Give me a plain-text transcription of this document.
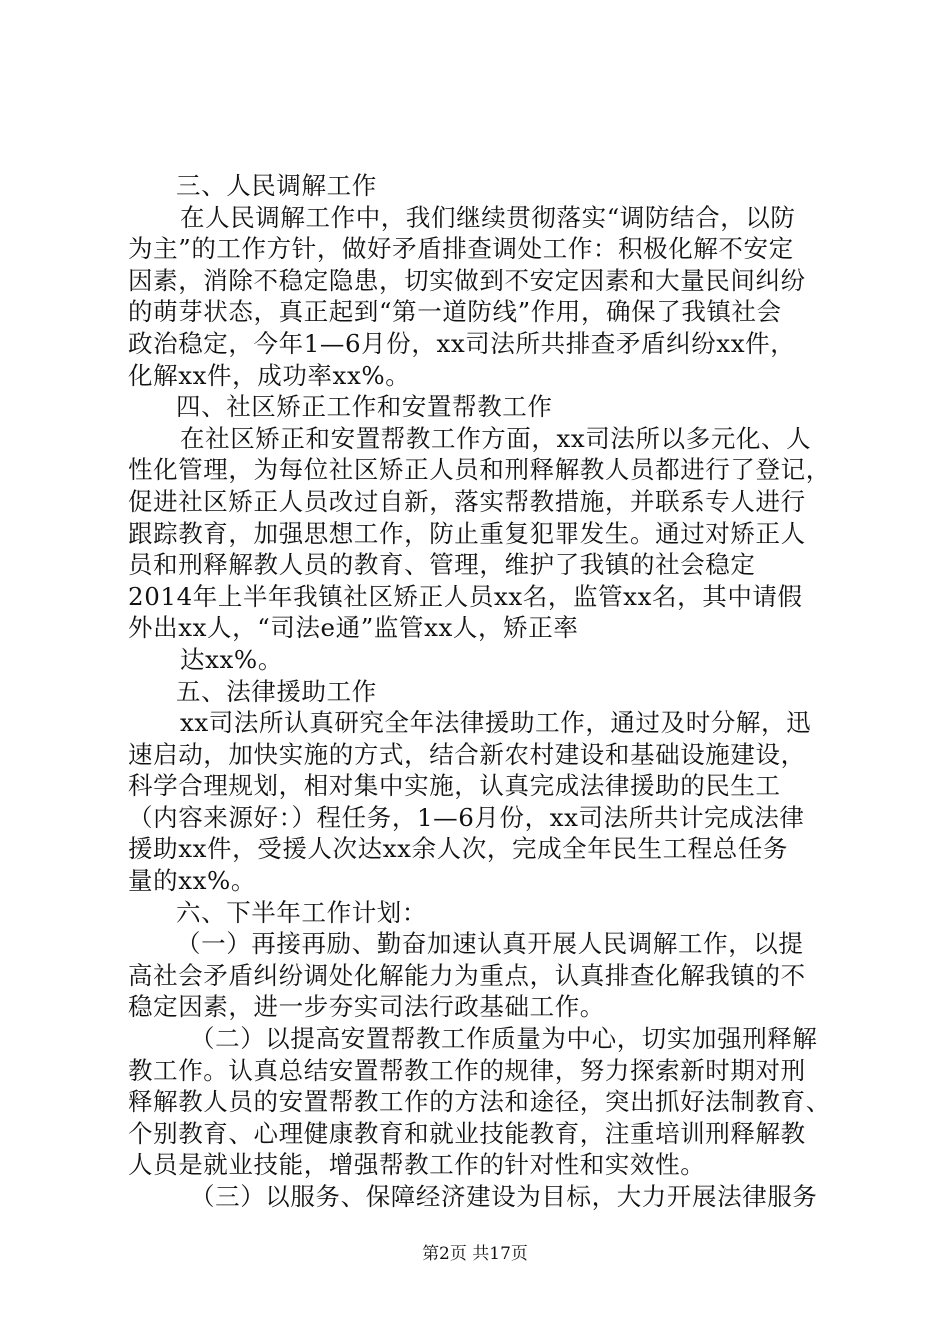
三、人民调解工作
在人民调解工作中，我们继续贯彻落实“调防结合，以防
为主”的工作方针，做好矛盾排查调处工作：积极化解不安定
因素，消除不稳定隐患，切实做到不安定因素和大量民间纠纷
的萌芽状态，真正起到“第一道防线”作用，确保了我镇社会
政治稳定，今年1—6月份，xx司法所共排查矛盾纠纷xx件，
化解xx件，成功率xx%。
四、社区矫正工作和安置帮教工作
在社区矫正和安置帮教工作方面，xx司法所以多元化、人
性化管理，为每位社区矫正人员和刑释解教人员都进行了登记，
促进社区矫正人员改过自新，落实帮教措施，并联系专人进行
跟踪教育，加强思想工作，防止重复犯罪发生。通过对矫正人
员和刑释解教人员的教育、管理，维护了我镇的社会稳定
2014年上半年我镇社区矫正人员xx名，监管xx名，其中请假
外出xx人，“司法e通”监管xx人，矫正率
达xx%。
五、法律援助工作
xx司法所认真研究全年法律援助工作，通过及时分解，迅
速启动，加快实施的方式，结合新农村建设和基础设施建设，
科学合理规划，相对集中实施，认真完成法律援助的民生工
（内容来源好：）程任务，1—6月份，xx司法所共计完成法律
援助xx件，受援人次达xx余人次，完成全年民生工程总任务
量的xx%。
六、下半年工作计划：
（一）再接再励、勤奋加速认真开展人民调解工作，以提
高社会矛盾纠纷调处化解能力为重点，认真排查化解我镇的不
稳定因素，进一步夯实司法行政基础工作。
（二）以提高安置帮教工作质量为中心，切实加强刑释解
教工作。认真总结安置帮教工作的规律，努力探索新时期对刑
释解教人员的安置帮教工作的方法和途径，突出抓好法制教育、
个别教育、心理健康教育和就业技能教育，注重培训刑释解教
人员是就业技能，增强帮教工作的针对性和实效性。
（三）以服务、保障经济建设为目标，大力开展法律服务
第2页 共17页
